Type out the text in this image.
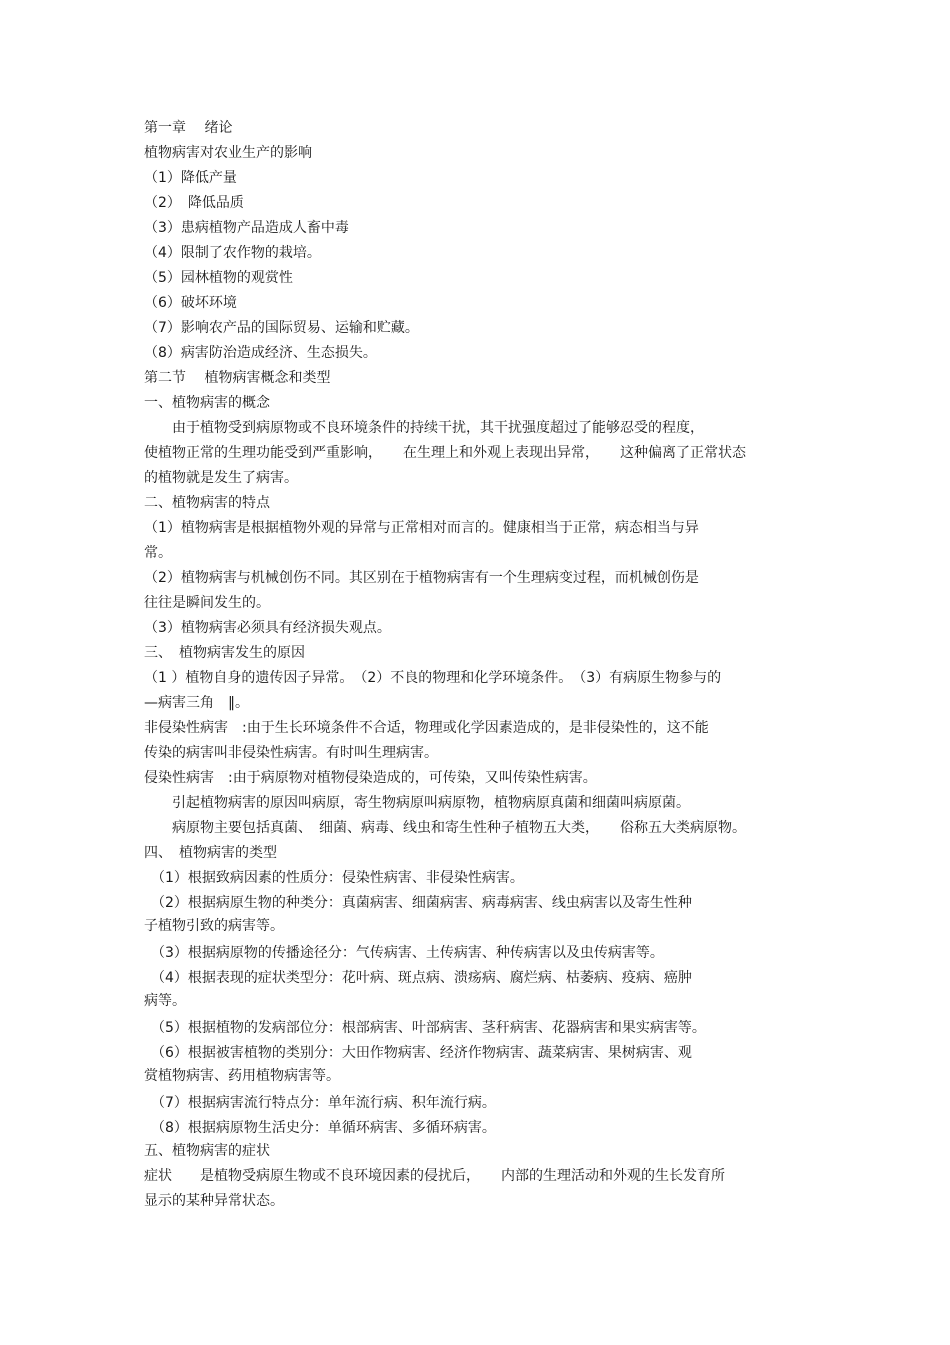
第一章　 绪论

植物病害对农业生产的影响

（1）降低产量

（2）　降低品质

（3）患病植物产品造成人畜中毒

（4）限制了农作物的栽培。

（5）园林植物的观赏性

（6）破坏环境

（7）影响农产品的国际贸易、运输和贮藏。

（8）病害防治造成经济、生态损失。

第二节　 植物病害概念和类型

一、植物病害的概念

　　由于植物受到病原物或不良环境条件的持续干扰，其干扰强度超过了能够忍受的程度，

使植物正常的生理功能受到严重影响，　　在生理上和外观上表现出异常，　　这种偏离了正常状态

的植物就是发生了病害。

二、植物病害的特点

（1）植物病害是根据植物外观的异常与正常相对而言的。健康相当于正常，病态相当与异

常。

（2）植物病害与机械创伤不同。其区别在于植物病害有一个生理病变过程，而机械创伤是

往往是瞬间发生的。

（3）植物病害必须具有经济损失观点。

三、　植物病害发生的原因

（1 ）植物自身的遗传因子异常。　（2）不良的物理和化学环境条件。　（3）有病原生物参与的

—病害三角　‖。

非侵染性病害　:由于生长环境条件不合适，物理或化学因素造成的，是非侵染性的，这不能

传染的病害叫非侵染性病害。有时叫生理病害。

侵染性病害　:由于病原物对植物侵染造成的，可传染，又叫传染性病害。

　　引起植物病害的原因叫病原，寄生物病原叫病原物，植物病原真菌和细菌叫病原菌。

　　病原物主要包括真菌、　细菌、病毒、线虫和寄生性种子植物五大类，　　俗称五大类病原物。

四、　植物病害的类型

　（1）根据致病因素的性质分：侵染性病害、非侵染性病害。

　（2）根据病原生物的种类分：真菌病害、细菌病害、病毒病害、线虫病害以及寄生性种

子植物引致的病害等。

　（3）根据病原物的传播途径分：气传病害、土传病害、种传病害以及虫传病害等。

　（4）根据表现的症状类型分：花叶病、斑点病、溃疡病、腐烂病、枯萎病、疫病、癌肿

病等。

　（5）根据植物的发病部位分：根部病害、叶部病害、茎秆病害、花器病害和果实病害等。

　（6）根据被害植物的类别分：大田作物病害、经济作物病害、蔬菜病害、果树病害、观

赏植物病害、药用植物病害等。

　（7）根据病害流行特点分：单年流行病、积年流行病。

　（8）根据病原物生活史分：单循环病害、多循环病害。

五、植物病害的症状

症状　　是植物受病原生物或不良环境因素的侵扰后，　　内部的生理活动和外观的生长发育所

显示的某种异常状态。
